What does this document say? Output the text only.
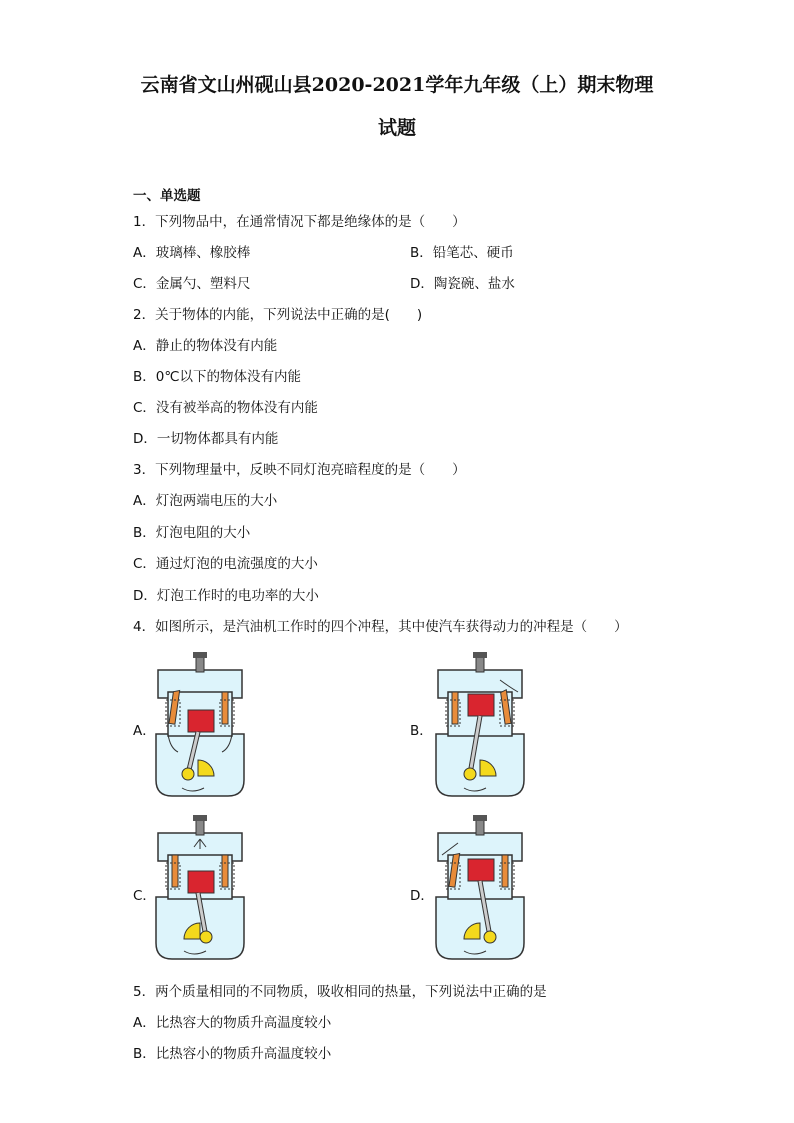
云南省文山州砚山县2020-2021学年九年级（上）期末物理
试题
一、单选题
1．下列物品中，在通常情况下都是绝缘体的是（　　）
A．玻璃棒、橡胶棒	B．铅笔芯、硬币
C．金属勺、塑料尺	D．陶瓷碗、盐水
2．关于物体的内能，下列说法中正确的是(　　)
A．静止的物体没有内能
B．0℃以下的物体没有内能
C．没有被举高的物体没有内能
D．一切物体都具有内能
3．下列物理量中，反映不同灯泡亮暗程度的是（　　）
A．灯泡两端电压的大小
B．灯泡电阻的大小
C．通过灯泡的电流强度的大小
D．灯泡工作时的电功率的大小
4．如图所示，是汽油机工作时的四个冲程，其中使汽车获得动力的冲程是（　　）
A．	B．
C．	D．
5．两个质量相同的不同物质，吸收相同的热量，下列说法中正确的是
A．比热容大的物质升高温度较小
B．比热容小的物质升高温度较小
